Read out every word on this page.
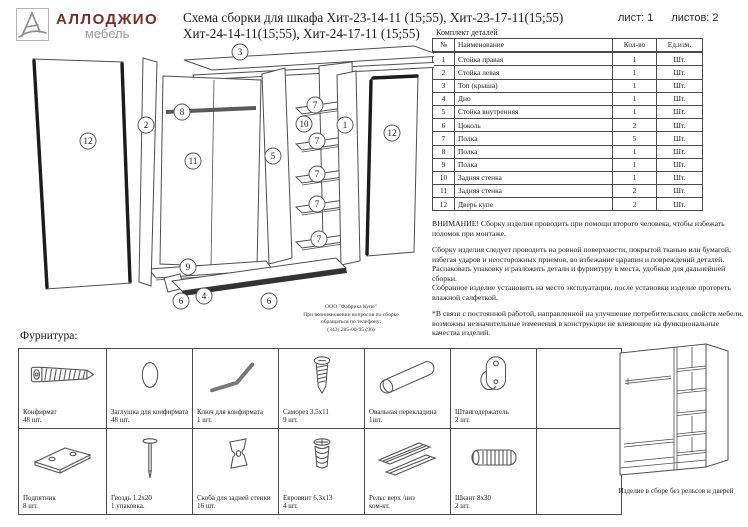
АЛЛОДЖИО
мебель
Схема сборки для шкафа Хит-23-14-11 (15;55), Хит-23-17-11(15;55)
Хит-24-14-11(15;55), Хит-24-17-11 (15;55)
лист: 1 листов: 2
Комплект деталей
№	Наименование	Кол-во	Ед.изм.
1	Стойка правая	1	Шт.
2	Стойка левая	1	Шт.
3	Топ (крыша)	1	Шт.
4	Дно	1	Шт.
5	Стойка внутренняя	1	Шт.
6	Цоколь	2	Шт.
7	Полка	5	Шт.
8	Полка	1	Шт.
9	Полка	1	Шт.
10	Задняя стенка	1	Шт.
11	Задняя стенка	2	Шт.
12	Дверь купе	2	Шт.
ВНИМАНИЕ! Сборку изделия проводить при помощи второго человека, чтобы избежать поломок при монтаже.
Сборку изделия следует проводить на ровной поверхности, покрытой тканью или бумагой, избегая ударов и неосторожных приемов, во избежание царапин и повреждений деталей.
Распаковать упаковку и разложить детали и фурнитуру в места, удобные для дальнейшей сборки.
Собранное изделие установить на место эксплуатации, после установки изделие протереть влажной салфеткой.
*В связи с постоянной работой, направленной на улучшение потребительских свойств мебели, возможны незначительные изменения в конструкции не влияющие на функциональные качества изделий.
3
8
2
11
12
5
10
7
7
7
7
7
1
12
9
6 4	6
ООО "Фабрика Купе"
При возникновении вопросов по сборке
обращаться по телефону:
(343) 285-00-95 (96)
Фурнитура:
Конфирмат
48 шт.

Заглушка для конфирмата
48 шт.

Ключ для конфирмата
1 шт.

Саморез 3,5х11
9 шт.

Овальная перекладина
1шт.

Штангодержатель
2 шт.

Подпятник
8 шт.

Гвоздь 1.2х20
1 упаковка.

Скоба для задней стенки
16 шт.

Евровинт 6,3х13
4 шт.

Рельс верх /низ
ком-кт.

Шкант 8х30
2 шт.

Изделие в сборе без рельсов и дверей
